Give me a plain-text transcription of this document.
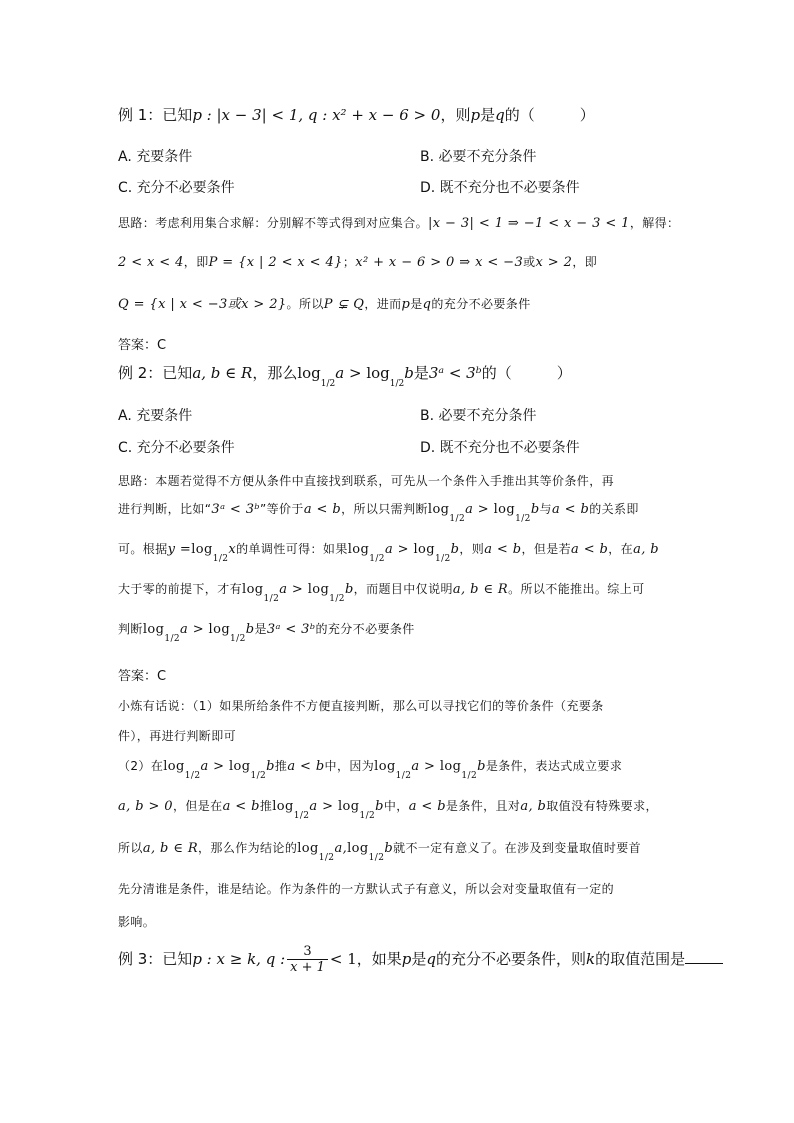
例 1：已知p : |x − 3| < 1, q : x² + x − 6 > 0，则p是q的（　　　）
A. 充要条件	B. 必要不充分条件
C. 充分不必要条件	D. 既不充分也不必要条件
思路：考虑利用集合求解：分别解不等式得到对应集合。|x − 3| < 1 ⇒ −1 < x − 3 < 1，解得：
2 < x < 4，即P = {x | 2 < x < 4}；x² + x − 6 > 0 ⇒ x < −3或x > 2，即
Q = {x | x < −3或x > 2}。所以P ⊊ Q，进而p是q的充分不必要条件
答案：C
例 2：已知a, b ∈ R，那么$\log_{1/2}a > \log_{1/2}b$是3ᵃ < 3ᵇ的（　　　）
A. 充要条件	B. 必要不充分条件
C. 充分不必要条件	D. 既不充分也不必要条件
思路：本题若觉得不方便从条件中直接找到联系，可先从一个条件入手推出其等价条件，再
进行判断，比如“3ᵃ < 3ᵇ”等价于a < b，所以只需判断$\log_{1/2}a > \log_{1/2}b$与a < b的关系即
可。根据$y =\log_{1/2}x$的单调性可得：如果$\log_{1/2}a > \log_{1/2}b$，则a < b，但是若a < b，在a, b
大于零的前提下，才有$\log_{1/2}a > \log_{1/2}b$，而题目中仅说明a, b ∈ R。所以不能推出。综上可
判断$\log_{1/2}a > \log_{1/2}b$是3ᵃ < 3ᵇ的充分不必要条件
答案：C
小炼有话说：（1）如果所给条件不方便直接判断，那么可以寻找它们的等价条件（充要条
件），再进行判断即可
（2）在$\log_{1/2}a > \log_{1/2}b$推a < b中，因为$\log_{1/2}a > \log_{1/2}b$是条件，表达式成立要求
a, b > 0，但是在a < b推$\log_{1/2}a > \log_{1/2}b$中，a < b是条件，且对a, b取值没有特殊要求，
所以a, b ∈ R，那么作为结论的$\log_{1/2}a,\log_{1/2}b$就不一定有意义了。在涉及到变量取值时要首
先分清谁是条件，谁是结论。作为条件的一方默认式子有意义，所以会对变量取值有一定的
影响。
例 3：已知p : x ≥ k, q : $\frac{3}{x + 1} < 1$，如果p是q的充分不必要条件，则k的取值范围是
